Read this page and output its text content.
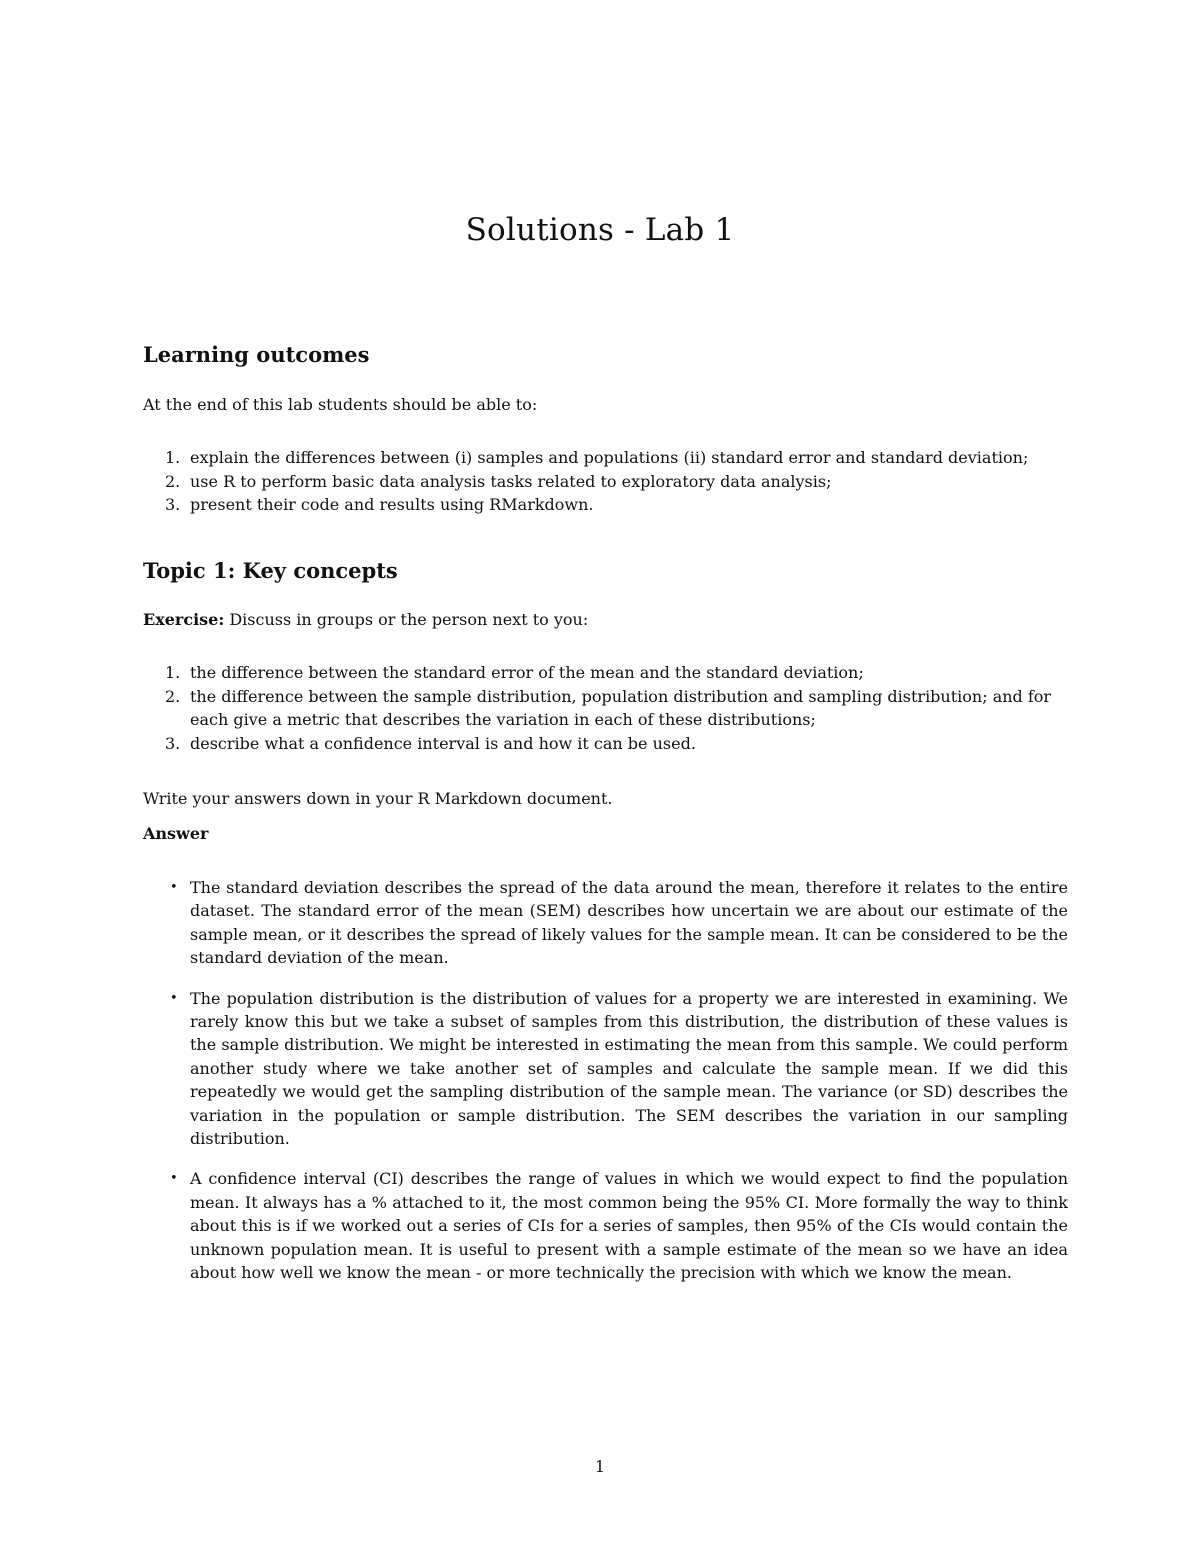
Solutions - Lab 1
Learning outcomes
At the end of this lab students should be able to:
1. explain the differences between (i) samples and populations (ii) standard error and standard deviation;
2. use R to perform basic data analysis tasks related to exploratory data analysis;
3. present their code and results using RMarkdown.
Topic 1: Key concepts
Exercise: Discuss in groups or the person next to you:
1. the difference between the standard error of the mean and the standard deviation;
2. the difference between the sample distribution, population distribution and sampling distribution; and for each give a metric that describes the variation in each of these distributions;
3. describe what a confidence interval is and how it can be used.
Write your answers down in your R Markdown document.
Answer
• The standard deviation describes the spread of the data around the mean, therefore it relates to the entire dataset. The standard error of the mean (SEM) describes how uncertain we are about our estimate of the sample mean, or it describes the spread of likely values for the sample mean. It can be considered to be the standard deviation of the mean.
• The population distribution is the distribution of values for a property we are interested in examining. We rarely know this but we take a subset of samples from this distribution, the distribution of these values is the sample distribution. We might be interested in estimating the mean from this sample. We could perform another study where we take another set of samples and calculate the sample mean. If we did this repeatedly we would get the sampling distribution of the sample mean. The variance (or SD) describes the variation in the population or sample distribution. The SEM describes the variation in our sampling distribution.
• A confidence interval (CI) describes the range of values in which we would expect to find the population mean. It always has a % attached to it, the most common being the 95% CI. More formally the way to think about this is if we worked out a series of CIs for a series of samples, then 95% of the CIs would contain the unknown population mean. It is useful to present with a sample estimate of the mean so we have an idea about how well we know the mean - or more technically the precision with which we know the mean.
1
